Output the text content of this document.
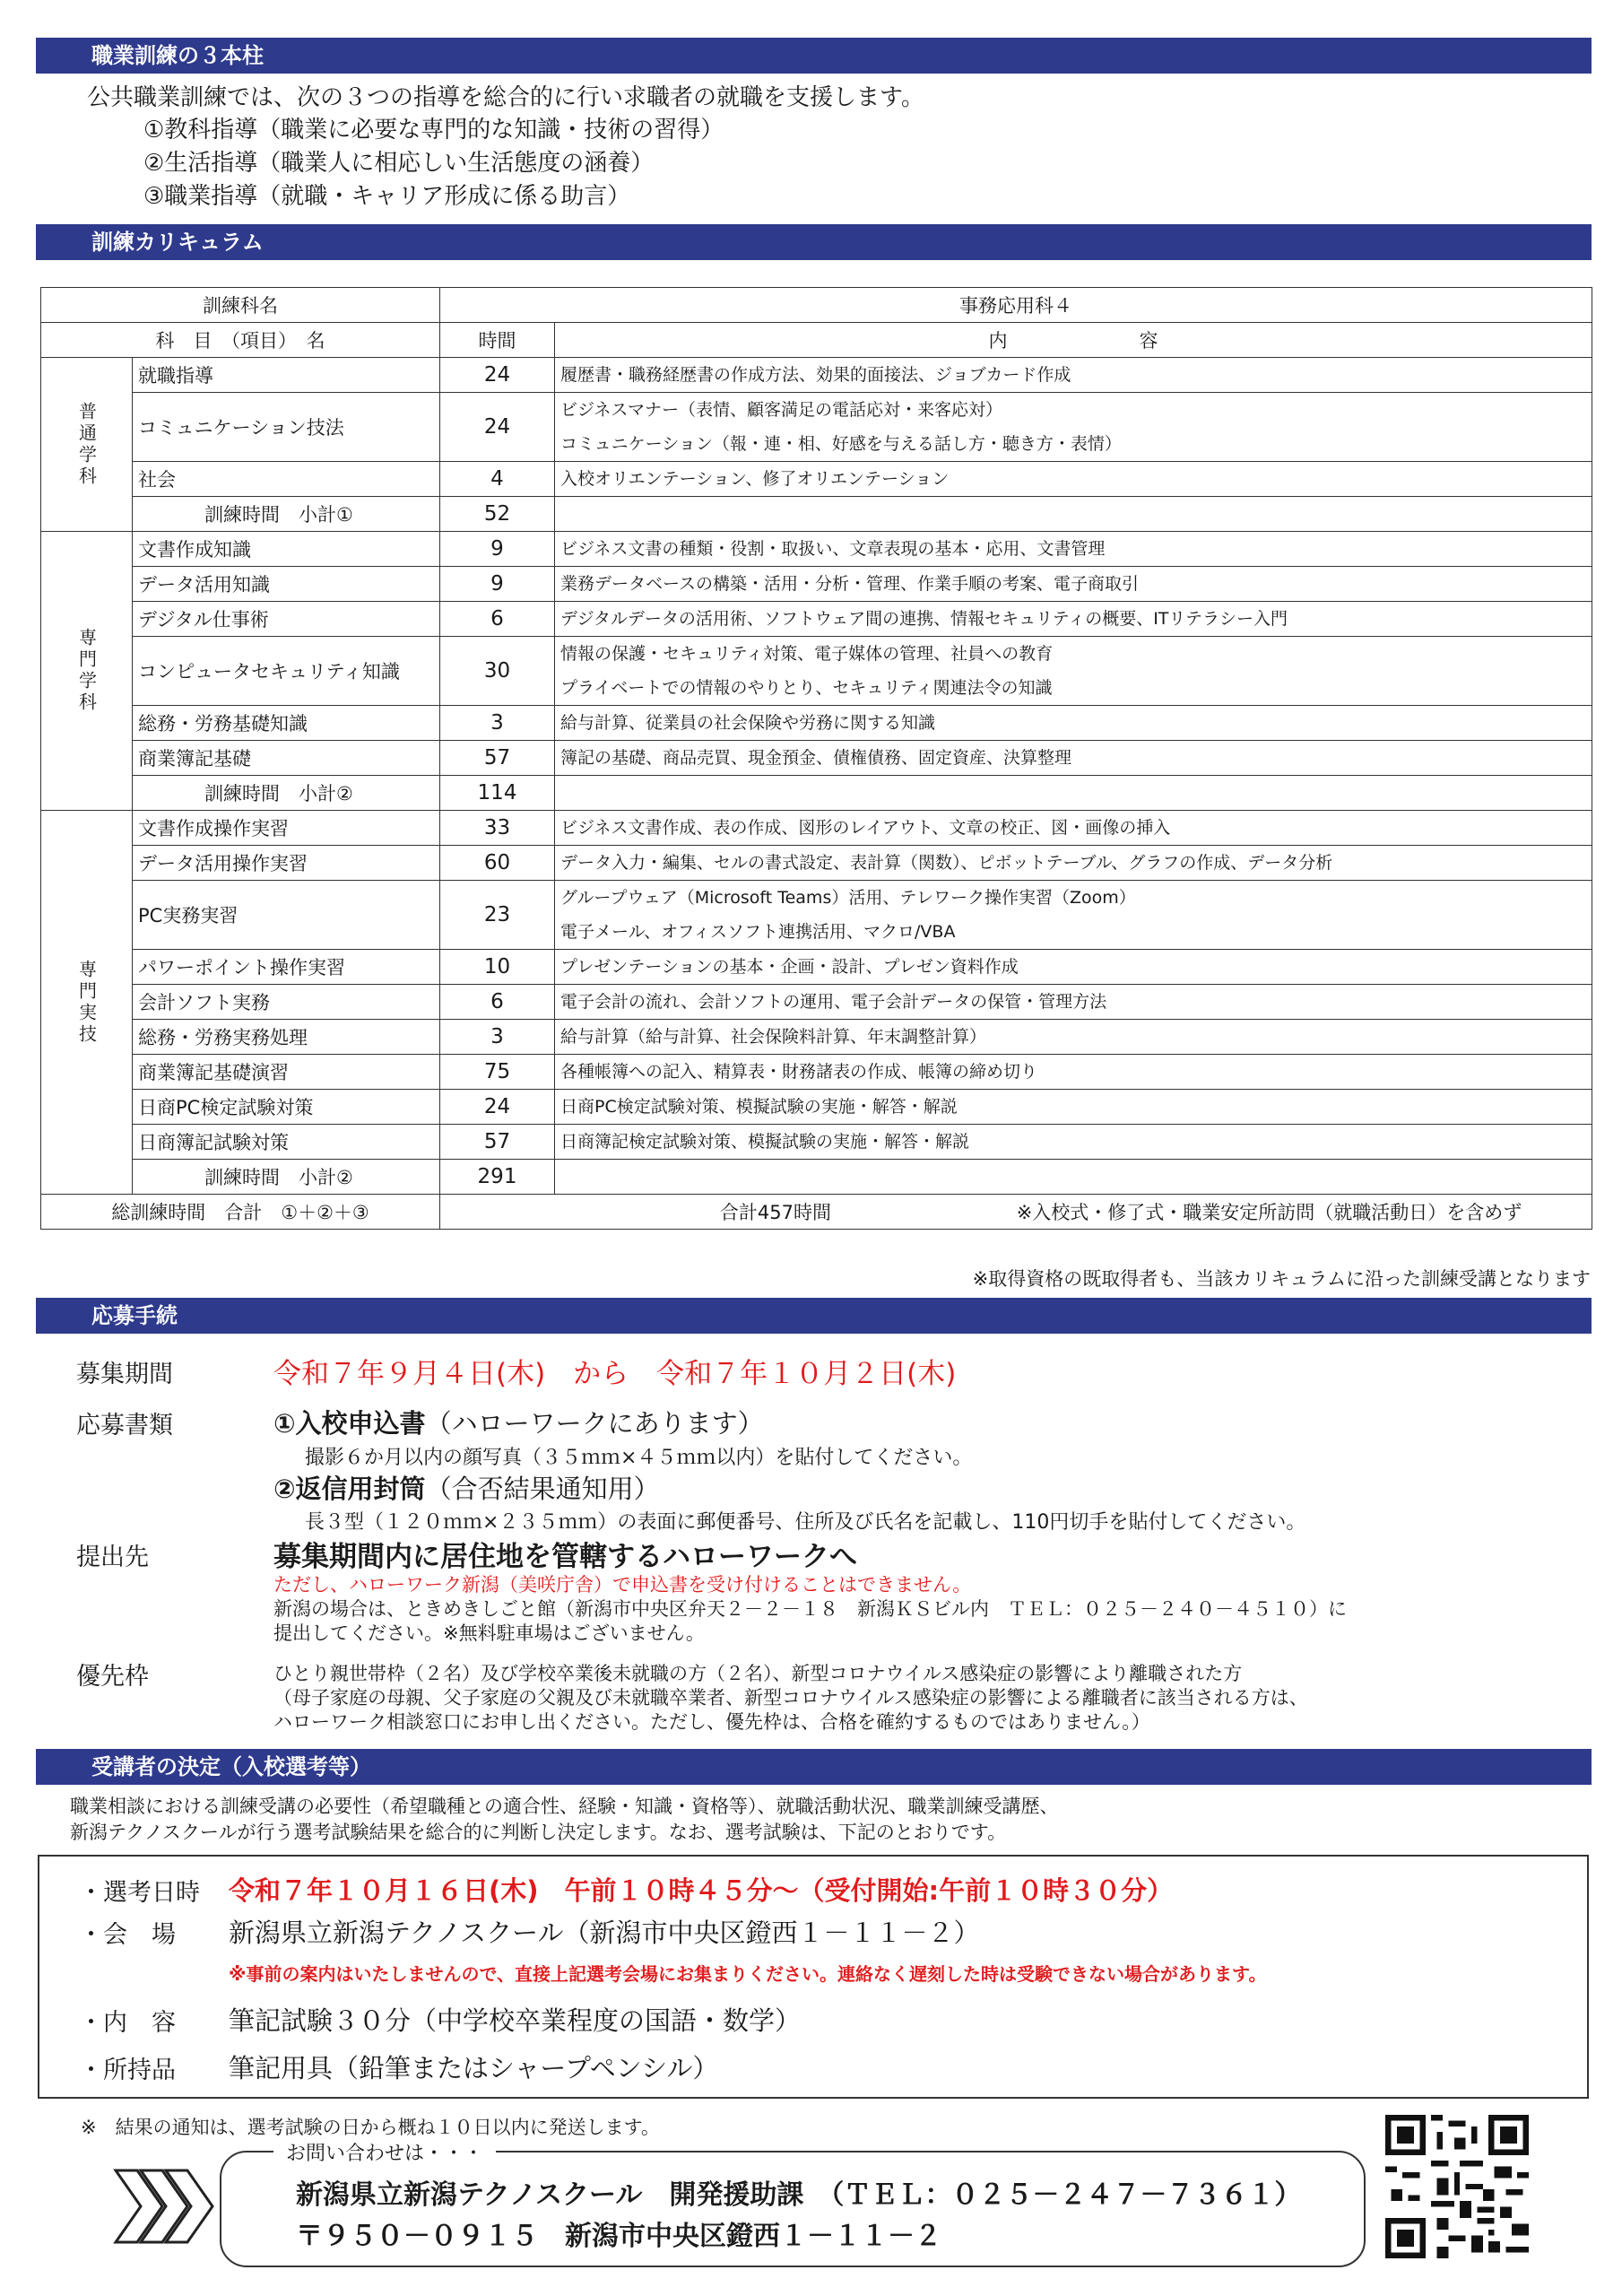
職業訓練の３本柱
公共職業訓練では、次の３つの指導を総合的に行い求職者の就職を支援します。
①教科指導（職業に必要な専門的な知識・技術の習得）
②生活指導（職業人に相応しい生活態度の涵養）
③職業指導（就職・キャリア形成に係る助言）
訓練カリキュラム
訓練科名		事務応用科４	
科　目　（項目）　名		時間	内　　　　　　　容
普通学科	就職指導	24	履歴書・職務経歴書の作成方法、効果的面接法、ジョブカード作成

	コミュニケーション技法	24	ビジネスマナー（表情、顧客満足の電話応対・来客応対）
コミュニケーション（報・連・相、好感を与える話し方・聴き方・表情）

	社会	4	入校オリエンテーション、修了オリエンテーション

	訓練時間　小計①	52	
専門学科	文書作成知識	9	ビジネス文書の種類・役割・取扱い、文章表現の基本・応用、文書管理

	データ活用知識	9	業務データベースの構築・活用・分析・管理、作業手順の考案、電子商取引

	デジタル仕事術	6	デジタルデータの活用術、ソフトウェア間の連携、情報セキュリティの概要、ITリテラシー入門

	コンピュータセキュリティ知識	30	情報の保護・セキュリティ対策、電子媒体の管理、社員への教育
プライベートでの情報のやりとり、セキュリティ関連法令の知識

	総務・労務基礎知識	3	給与計算、従業員の社会保険や労務に関する知識

	商業簿記基礎	57	簿記の基礎、商品売買、現金預金、債権債務、固定資産、決算整理

	訓練時間　小計②	114	
専門実技	文書作成操作実習	33	ビジネス文書作成、表の作成、図形のレイアウト、文章の校正、図・画像の挿入

	データ活用操作実習	60	データ入力・編集、セルの書式設定、表計算（関数）、ピボットテーブル、グラフの作成、データ分析

	PC実務実習	23	グループウェア（Microsoft Teams）活用、テレワーク操作実習（Zoom）
電子メール、オフィスソフト連携活用、マクロ/VBA

	パワーポイント操作実習	10	プレゼンテーションの基本・企画・設計、プレゼン資料作成

	会計ソフト実務	6	電子会計の流れ、会計ソフトの運用、電子会計データの保管・管理方法

	総務・労務実務処理	3	給与計算（給与計算、社会保険料計算、年末調整計算）

	商業簿記基礎演習	75	各種帳簿への記入、精算表・財務諸表の作成、帳簿の締め切り

	日商PC検定試験対策	24	日商PC検定試験対策、模擬試験の実施・解答・解説

	日商簿記試験対策	57	日商簿記検定試験対策、模擬試験の実施・解答・解説

	訓練時間　小計②	291	
総訓練時間　合計　①＋②＋③		合計457時間 ※入校式・修了式・職業安定所訪問（就職活動日）を含めず	
※取得資格の既取得者も、当該カリキュラムに沿った訓練受講となります
応募手続
募集期間	令和７年９月４日(木)　から　令和７年１０月２日(木)
応募書類	①入校申込書（ハローワークにあります）
撮影６か月以内の顔写真（３５ｍｍ×４５ｍｍ以内）を貼付してください。
②返信用封筒（合否結果通知用）
長３型（１２０ｍｍ×２３５ｍｍ）の表面に郵便番号、住所及び氏名を記載し、110円切手を貼付してください。
提出先	募集期間内に居住地を管轄するハローワークへ
ただし、ハローワーク新潟（美咲庁舎）で申込書を受け付けることはできません。
新潟の場合は、ときめきしごと館（新潟市中央区弁天２－２－１８　新潟ＫＳビル内　ＴＥＬ：０２５－２４０－４５１０）に
提出してください。※無料駐車場はございません。
優先枠	ひとり親世帯枠（２名）及び学校卒業後未就職の方（２名）、新型コロナウイルス感染症の影響により離職された方
（母子家庭の母親、父子家庭の父親及び未就職卒業者、新型コロナウイルス感染症の影響による離職者に該当される方は、
ハローワーク相談窓口にお申し出ください。ただし、優先枠は、合格を確約するものではありません。）
受講者の決定（入校選考等）
職業相談における訓練受講の必要性（希望職種との適合性、経験・知識・資格等）、就職活動状況、職業訓練受講歴、
新潟テクノスクールが行う選考試験結果を総合的に判断し決定します。なお、選考試験は、下記のとおりです。
・選考日時 令和７年１０月１６日(木)　午前１０時４５分～（受付開始:午前１０時３０分）
・会　場 新潟県立新潟テクノスクール（新潟市中央区鐙西１－１１－２）
※事前の案内はいたしませんので、直接上記選考会場にお集まりください。連絡なく遅刻した時は受験できない場合があります。
・内　容 筆記試験３０分（中学校卒業程度の国語・数学）
・所持品 筆記用具（鉛筆またはシャープペンシル）
※　結果の通知は、選考試験の日から概ね１０日以内に発送します。
お問い合わせは・・・
新潟県立新潟テクノスクール　開発援助課　（ＴＥＬ：０２５－２４７－７３６１）
〒９５０－０９１５　新潟市中央区鐙西１－１１－２
